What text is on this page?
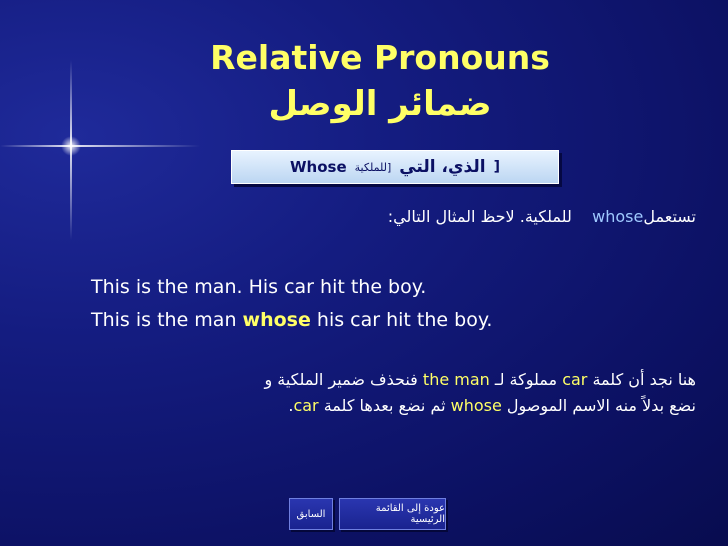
Relative Pronouns
ضمائر الوصل
[
الذي، التي
[للملكية
Whose
تستعملwhose    للملكية. لاحظ المثال التالي:
This is the man. His car hit the boy.
This is the man whose his car hit the boy.
هنا نجد أن كلمة car مملوكة لـ the man فنحذف ضمير الملكية و
نضع بدلاً منه الاسم الموصول whose ثم نضع بعدها كلمة car.
عودة إلى القائمة الرئيسية
السابق
